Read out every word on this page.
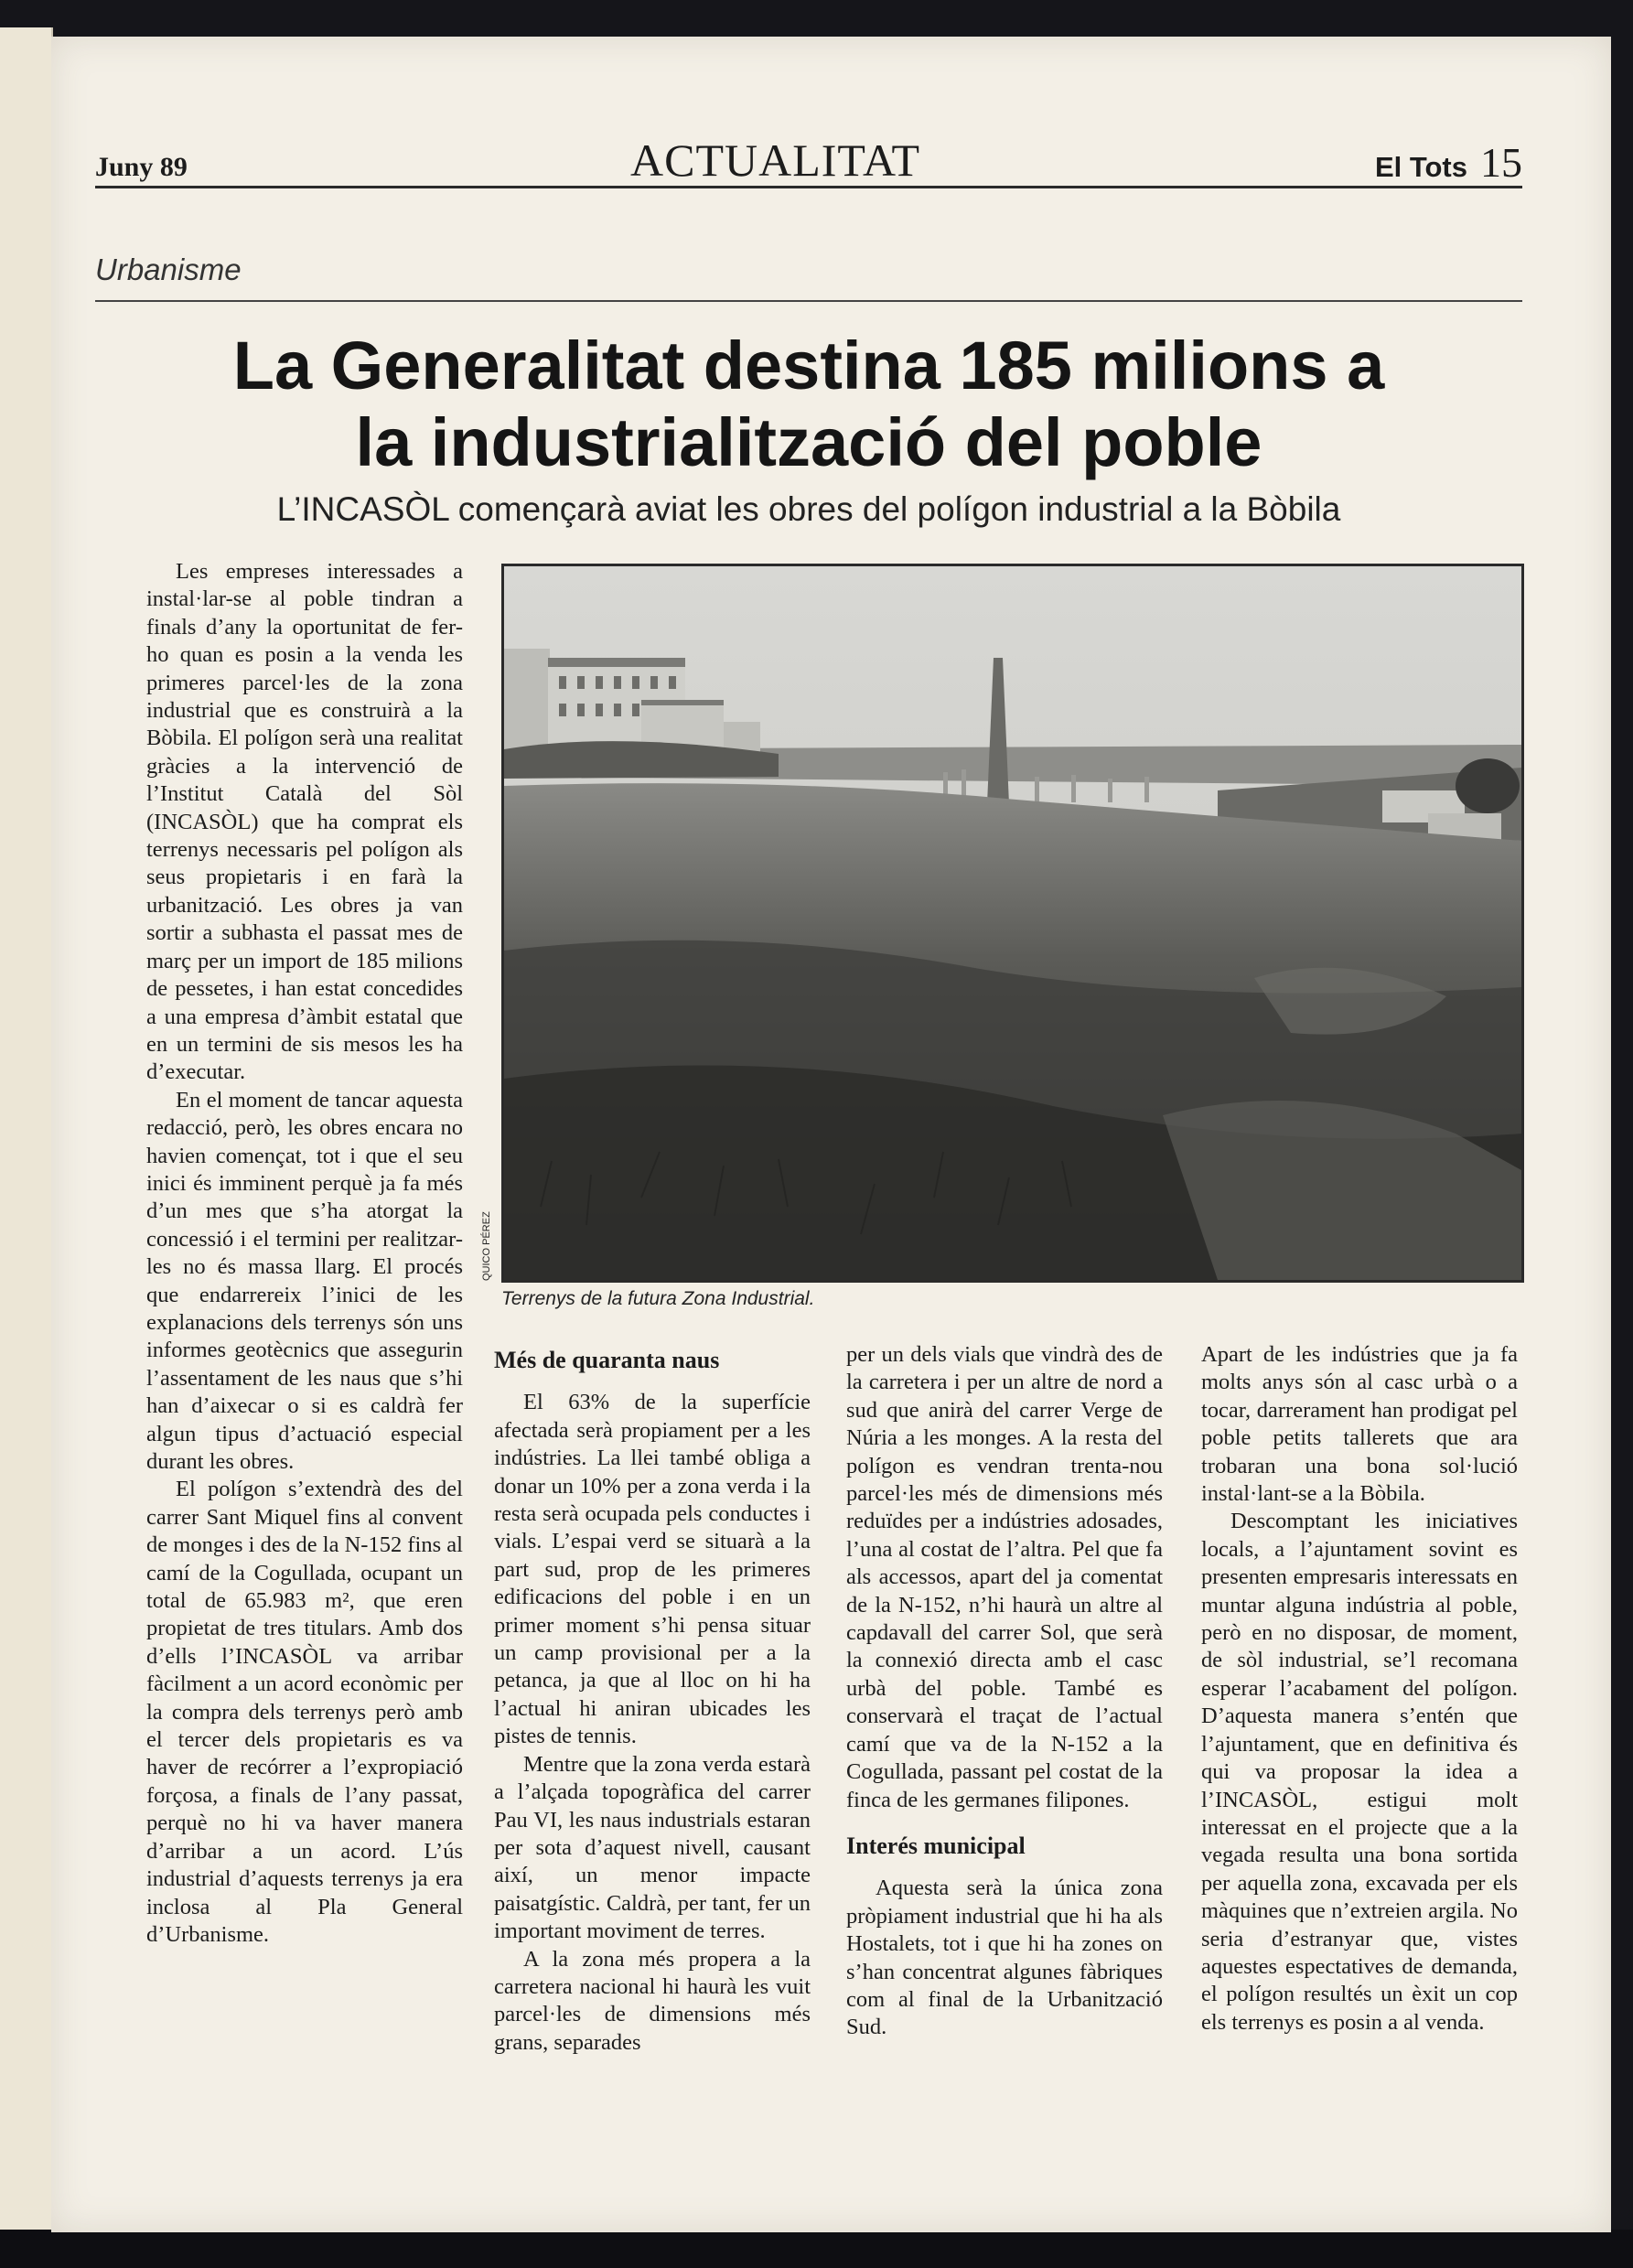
Juny 89	ACTUALITAT	El Tots 15
Urbanisme
La Generalitat destina 185 milions a
la industrialització del poble
L’INCASÒL començarà aviat les obres del polígon industrial a la Bòbila

Les empreses interessades a instal·lar-se al poble tindran a finals d’any la oportunitat de fer-ho quan es posin a la venda les primeres parcel·les de la zona industrial que es construirà a la Bòbila. El polígon serà una realitat gràcies a la intervenció de l’Institut Català del Sòl (INCASÒL) que ha comprat els terrenys necessaris pel polígon als seus propietaris i en farà la urbanització. Les obres ja van sortir a subhasta el passat mes de març per un import de 185 milions de pessetes, i han estat concedides a una empresa d’àmbit estatal que en un termini de sis mesos les ha d’executar.

En el moment de tancar aquesta redacció, però, les obres encara no havien començat, tot i que el seu inici és imminent perquè ja fa més d’un mes que s’ha atorgat la concessió i el termini per realitzar-les no és massa llarg. El procés que endarrereix l’inici de les explanacions dels terrenys són uns informes geotècnics que assegurin l’assentament de les naus que s’hi han d’aixecar o si es caldrà fer algun tipus d’actuació especial durant les obres.

El polígon s’extendrà des del carrer Sant Miquel fins al convent de monges i des de la N-152 fins al camí de la Cogullada, ocupant un total de 65.983 m², que eren propietat de tres titulars. Amb dos d’ells l’INCASÒL va arribar fàcilment a un acord econòmic per la compra dels terrenys però amb el tercer dels propietaris es va haver de recórrer a l’expropiació forçosa, a finals de l’any passat, perquè no hi va haver manera d’arribar a un acord. L’ús industrial d’aquests terrenys ja era inclosa al Pla General d’Urbanisme.

QUICO PÉREZ
Terrenys de la futura Zona Industrial.
Més de quaranta naus

El 63% de la superfície afectada serà propiament per a les indústries. La llei també obliga a donar un 10% per a zona verda i la resta serà ocupada pels conductes i vials. L’espai verd se situarà a la part sud, prop de les primeres edificacions del poble i en un primer moment s’hi pensa situar un camp provisional per a la petanca, ja que al lloc on hi ha l’actual hi aniran ubicades les pistes de tennis.

Mentre que la zona verda estarà a l’alçada topogràfica del carrer Pau VI, les naus industrials estaran per sota d’aquest nivell, causant així, un menor impacte paisatgístic. Caldrà, per tant, fer un important moviment de terres.

A la zona més propera a la carretera nacional hi haurà les vuit parcel·les de dimensions més grans, separades

per un dels vials que vindrà des de la carretera i per un altre de nord a sud que anirà del carrer Verge de Núria a les monges. A la resta del polígon es vendran trenta-nou parcel·les més de dimensions més reduïdes per a indústries adosades, l’una al costat de l’altra. Pel que fa als accessos, apart del ja comentat de la N-152, n’hi haurà un altre al capdavall del carrer Sol, que serà la connexió directa amb el casc urbà del poble. També es conservarà el traçat de l’actual camí que va de la N-152 a la Cogullada, passant pel costat de la finca de les germanes filipones.

Interés municipal

Aquesta serà la única zona pròpiament industrial que hi ha als Hostalets, tot i que hi ha zones on s’han concentrat algunes fàbriques com al final de la Urbanització Sud.

Apart de les indústries que ja fa molts anys són al casc urbà o a tocar, darrerament han prodigat pel poble petits tallerets que ara trobaran una bona sol·lució instal·lant-se a la Bòbila.

Descomptant les iniciatives locals, a l’ajuntament sovint es presenten empresaris interessats en muntar alguna indústria al poble, però en no disposar, de moment, de sòl industrial, se’l recomana esperar l’acabament del polígon. D’aquesta manera s’entén que l’ajuntament, que en definitiva és qui va proposar la idea a l’INCASÒL, estigui molt interessat en el projecte que a la vegada resulta una bona sortida per aquella zona, excavada per els màquines que n’extreien argila. No seria d’estranyar que, vistes aquestes espectatives de demanda, el polígon resultés un èxit un cop els terrenys es posin a al venda.
